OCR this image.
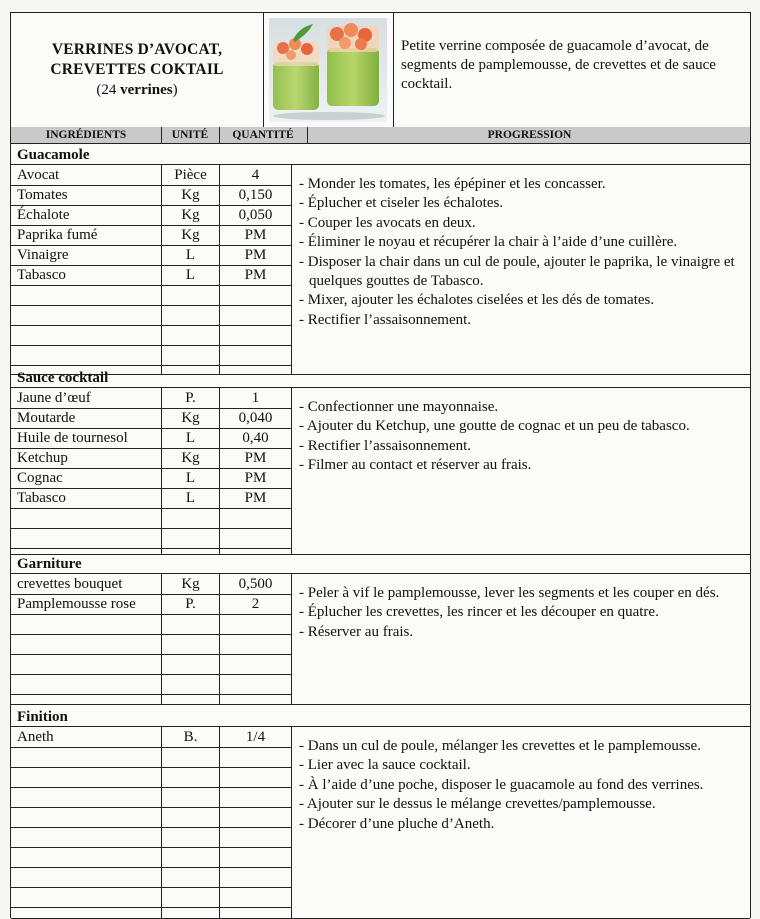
VERRINES D’AVOCAT,
CREVETTES COKTAIL
(24 verrines)
Petite verrine composée de guacamole d’avocat, de segments de pamplemousse, de crevettes et de sauce cocktail.
INGRÉDIENTS	UNITÉ	QUANTITÉ	PROGRESSION
Guacamole
Avocat	Pièce	4
Tomates	Kg	0,150
Échalote	Kg	0,050
Paprika fumé	Kg	PM
Vinaigre	L	PM
Tabasco	L	PM
- Monder les tomates, les épépiner et les concasser.
- Éplucher et ciseler les échalotes.
- Couper les avocats en deux.
- Éliminer le noyau et récupérer la chair à l’aide d’une cuillère.
- Disposer la chair dans un cul de poule, ajouter le paprika, le vinaigre et quelques gouttes de Tabasco.
- Mixer, ajouter les échalotes ciselées et les dés de tomates.
- Rectifier l’assaisonnement.
Sauce cocktail
Jaune d’œuf	P.	1
Moutarde	Kg	0,040
Huile de tournesol	L	0,40
Ketchup	Kg	PM
Cognac	L	PM
Tabasco	L	PM
- Confectionner une mayonnaise.
- Ajouter du Ketchup, une goutte de cognac et un peu de tabasco.
- Rectifier l’assaisonnement.
- Filmer au contact et réserver au frais.
Garniture
crevettes bouquet	Kg	0,500
Pamplemousse rose	P.	2
- Peler à vif le pamplemousse, lever les segments et les couper en dés.
- Éplucher les crevettes, les rincer et les découper en quatre.
- Réserver au frais.
Finition
Aneth	B.	1/4
- Dans un cul de poule, mélanger les crevettes et le pamplemousse.
- Lier avec la sauce cocktail.
- À l’aide d’une poche, disposer le guacamole au fond des verrines.
- Ajouter sur le dessus le mélange crevettes/pamplemousse.
- Décorer d’une pluche d’Aneth.
